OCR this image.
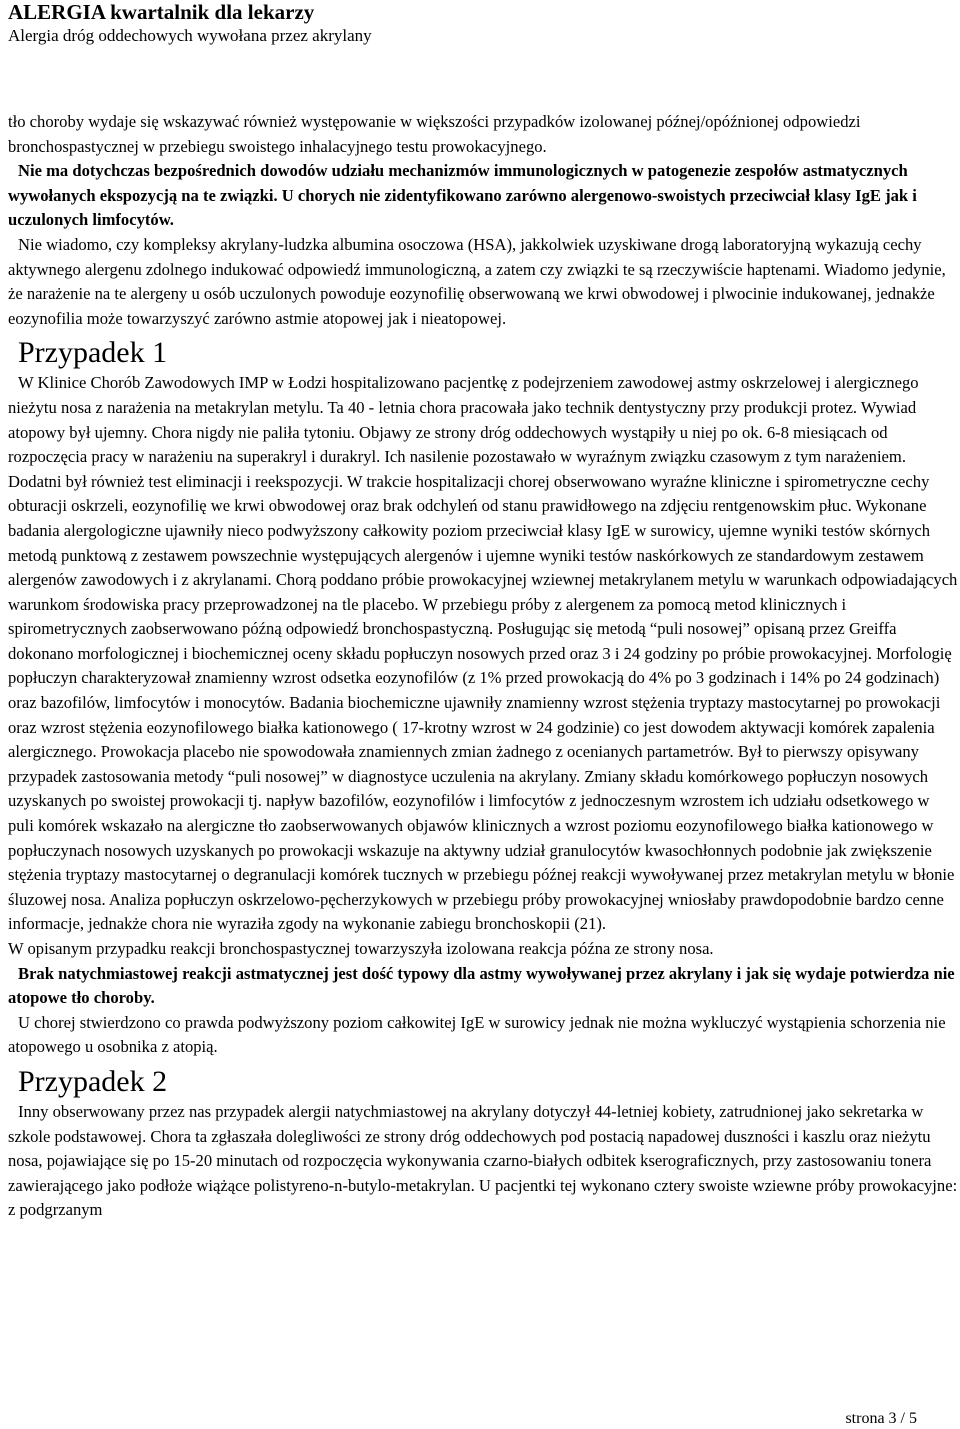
ALERGIA kwartalnik dla lekarzy
Alergia dróg oddechowych wywołana przez akrylany

tło choroby wydaje się wskazywać również występowanie w większości przypadków izolowanej późnej/opóźnionej odpowiedzi bronchospastycznej w przebiegu swoistego inhalacyjnego testu prowokacyjnego.

Nie ma dotychczas bezpośrednich dowodów udziału mechanizmów immunologicznych w patogenezie zespołów astmatycznych wywołanych ekspozycją na te związki. U chorych nie zidentyfikowano zarówno alergenowo-swoistych przeciwciał klasy IgE jak i uczulonych limfocytów.

Nie wiadomo, czy kompleksy akrylany-ludzka albumina osoczowa (HSA), jakkolwiek uzyskiwane drogą laboratoryjną wykazują cechy aktywnego alergenu zdolnego indukować odpowiedź immunologiczną, a zatem czy związki te są rzeczywiście haptenami. Wiadomo jedynie, że narażenie na te alergeny u osób uczulonych powoduje eozynofilię obserwowaną we krwi obwodowej i plwocinie indukowanej, jednakże eozynofilia może towarzyszyć zarówno astmie atopowej jak i nieatopowej.

Przypadek 1

W Klinice Chorób Zawodowych IMP w Łodzi hospitalizowano pacjentkę z podejrzeniem zawodowej astmy oskrzelowej i alergicznego nieżytu nosa z narażenia na metakrylan metylu. Ta 40 - letnia chora pracowała jako technik dentystyczny przy produkcji protez. Wywiad atopowy był ujemny. Chora nigdy nie paliła tytoniu. Objawy ze strony dróg oddechowych wystąpiły u niej po ok. 6-8 miesiącach od rozpoczęcia pracy w narażeniu na superakryl i durakryl. Ich nasilenie pozostawało w wyraźnym związku czasowym z tym narażeniem. Dodatni był również test eliminacji i reekspozycji. W trakcie hospitalizacji chorej obserwowano wyraźne kliniczne i spirometryczne cechy obturacji oskrzeli, eozynofilię we krwi obwodowej oraz brak odchyleń od stanu prawidłowego na zdjęciu rentgenowskim płuc. Wykonane badania alergologiczne ujawniły nieco podwyższony całkowity poziom przeciwciał klasy IgE w surowicy, ujemne wyniki testów skórnych metodą punktową z zestawem powszechnie występujących alergenów i ujemne wyniki testów naskórkowych ze standardowym zestawem alergenów zawodowych i z akrylanami. Chorą poddano próbie prowokacyjnej wziewnej metakrylanem metylu w warunkach odpowiadających warunkom środowiska pracy przeprowadzonej na tle placebo. W przebiegu próby z alergenem za pomocą metod klinicznych i spirometrycznych zaobserwowano późną odpowiedź bronchospastyczną. Posługując się metodą “puli nosowej” opisaną przez Greiffa dokonano morfologicznej i biochemicznej oceny składu popłuczyn nosowych przed oraz 3 i 24 godziny po próbie prowokacyjnej. Morfologię popłuczyn charakteryzował znamienny wzrost odsetka eozynofilów (z 1% przed prowokacją do 4% po 3 godzinach i 14% po 24 godzinach) oraz bazofilów, limfocytów i monocytów. Badania biochemiczne ujawniły znamienny wzrost stężenia tryptazy mastocytarnej po prowokacji oraz wzrost stężenia eozynofilowego białka kationowego ( 17-krotny wzrost w 24 godzinie) co jest dowodem aktywacji komórek zapalenia alergicznego. Prowokacja placebo nie spowodowała znamiennych zmian żadnego z ocenianych partametrów. Był to pierwszy opisywany przypadek zastosowania metody “puli nosowej” w diagnostyce uczulenia na akrylany. Zmiany składu komórkowego popłuczyn nosowych uzyskanych po swoistej prowokacji tj. napływ bazofilów, eozynofilów i limfocytów z jednoczesnym wzrostem ich udziału odsetkowego w puli komórek wskazało na alergiczne tło zaobserwowanych objawów klinicznych a wzrost poziomu eozynofilowego białka kationowego w popłuczynach nosowych uzyskanych po prowokacji wskazuje na aktywny udział granulocytów kwasochłonnych podobnie jak zwiększenie stężenia tryptazy mastocytarnej o degranulacji komórek tucznych w przebiegu późnej reakcji wywoływanej przez metakrylan metylu w błonie śluzowej nosa. Analiza popłuczyn oskrzelowo-pęcherzykowych w przebiegu próby prowokacyjnej wniosłaby prawdopodobnie bardzo cenne informacje, jednakże chora nie wyraziła zgody na wykonanie zabiegu bronchoskopii (21).

W opisanym przypadku reakcji bronchospastycznej towarzyszyła izolowana reakcja późna ze strony nosa.

Brak natychmiastowej reakcji astmatycznej jest dość typowy dla astmy wywoływanej przez akrylany i jak się wydaje potwierdza nie atopowe tło choroby.

U chorej stwierdzono co prawda podwyższony poziom całkowitej IgE w surowicy jednak nie można wykluczyć wystąpienia schorzenia nie atopowego u osobnika z atopią.

Przypadek 2

Inny obserwowany przez nas przypadek alergii natychmiastowej na akrylany dotyczył 44-letniej kobiety, zatrudnionej jako sekretarka w szkole podstawowej. Chora ta zgłaszała dolegliwości ze strony dróg oddechowych pod postacią napadowej duszności i kaszlu oraz nieżytu nosa, pojawiające się po 15-20 minutach od rozpoczęcia wykonywania czarno-białych odbitek kserograficznych, przy zastosowaniu tonera zawierającego jako podłoże wiążące polistyreno-n-butylo-metakrylan. U pacjentki tej wykonano cztery swoiste wziewne próby prowokacyjne: z podgrzanym

strona 3 / 5
